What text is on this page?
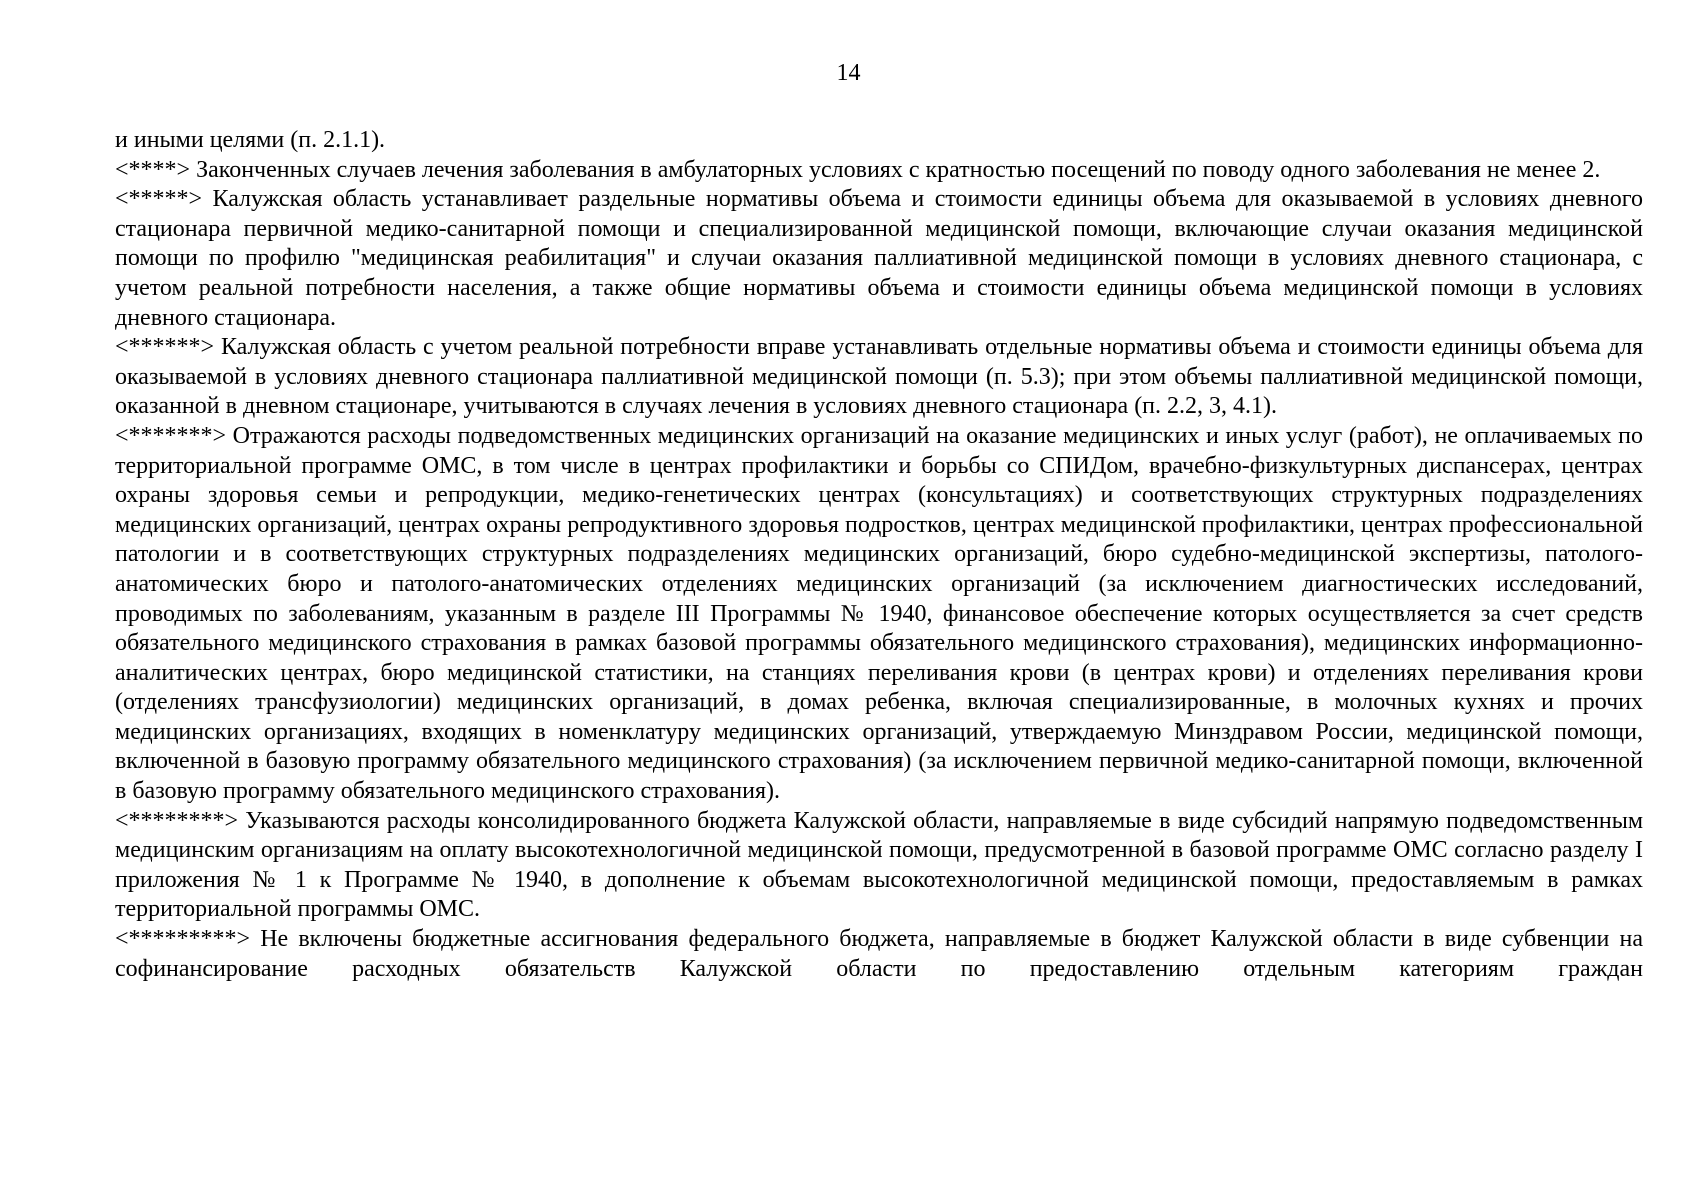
14

и иными целями (п. 2.1.1).

<****> Законченных случаев лечения заболевания в амбулаторных условиях с кратностью посещений по поводу одного заболевания не менее 2.

<*****> Калужская область устанавливает раздельные нормативы объема и стоимости единицы объема для оказываемой в условиях дневного стационара первичной медико-санитарной помощи и специализированной медицинской помощи, включающие случаи оказания медицинской помощи по профилю "медицинская реабилитация" и случаи оказания паллиативной медицинской помощи в условиях дневного стационара, с учетом реальной потребности населения, а также общие нормативы объема и стоимости единицы объема медицинской помощи в условиях дневного стационара.

<******> Калужская область с учетом реальной потребности вправе устанавливать отдельные нормативы объема и стоимости единицы объема для оказываемой в условиях дневного стационара паллиативной медицинской помощи (п. 5.3); при этом объемы паллиативной медицинской помощи, оказанной в дневном стационаре, учитываются в случаях лечения в условиях дневного стационара (п. 2.2, 3, 4.1).

<*******> Отражаются расходы подведомственных медицинских организаций на оказание медицинских и иных услуг (работ), не оплачиваемых по территориальной программе ОМС, в том числе в центрах профилактики и борьбы со СПИДом, врачебно-физкультурных диспансерах, центрах охраны здоровья семьи и репродукции, медико-генетических центрах (консультациях) и соответствующих структурных подразделениях медицинских организаций, центрах охраны репродуктивного здоровья подростков, центрах медицинской профилактики, центрах профессиональной патологии и в соответствующих структурных подразделениях медицинских организаций, бюро судебно-медицинской экспертизы, патолого-анатомических бюро и патолого-анатомических отделениях медицинских организаций (за исключением диагностических исследований, проводимых по заболеваниям, указанным в разделе III Программы № 1940, финансовое обеспечение которых осуществляется за счет средств обязательного медицинского страхования в рамках базовой программы обязательного медицинского страхования), медицинских информационно-аналитических центрах, бюро медицинской статистики, на станциях переливания крови (в центрах крови) и отделениях переливания крови (отделениях трансфузиологии) медицинских организаций, в домах ребенка, включая специализированные, в молочных кухнях и прочих медицинских организациях, входящих в номенклатуру медицинских организаций, утверждаемую Минздравом России, медицинской помощи, включенной в базовую программу обязательного медицинского страхования) (за исключением первичной медико-санитарной помощи, включенной в базовую программу обязательного медицинского страхования).

<********> Указываются расходы консолидированного бюджета Калужской области, направляемые в виде субсидий напрямую подведомственным медицинским организациям на оплату высокотехнологичной медицинской помощи, предусмотренной в базовой программе ОМС согласно разделу I приложения № 1 к Программе № 1940, в дополнение к объемам высокотехнологичной медицинской помощи, предоставляемым в рамках территориальной программы ОМС.

<*********> Не включены бюджетные ассигнования федерального бюджета, направляемые в бюджет Калужской области в виде субвенции на софинансирование расходных обязательств Калужской области по предоставлению отдельным категориям граждан
